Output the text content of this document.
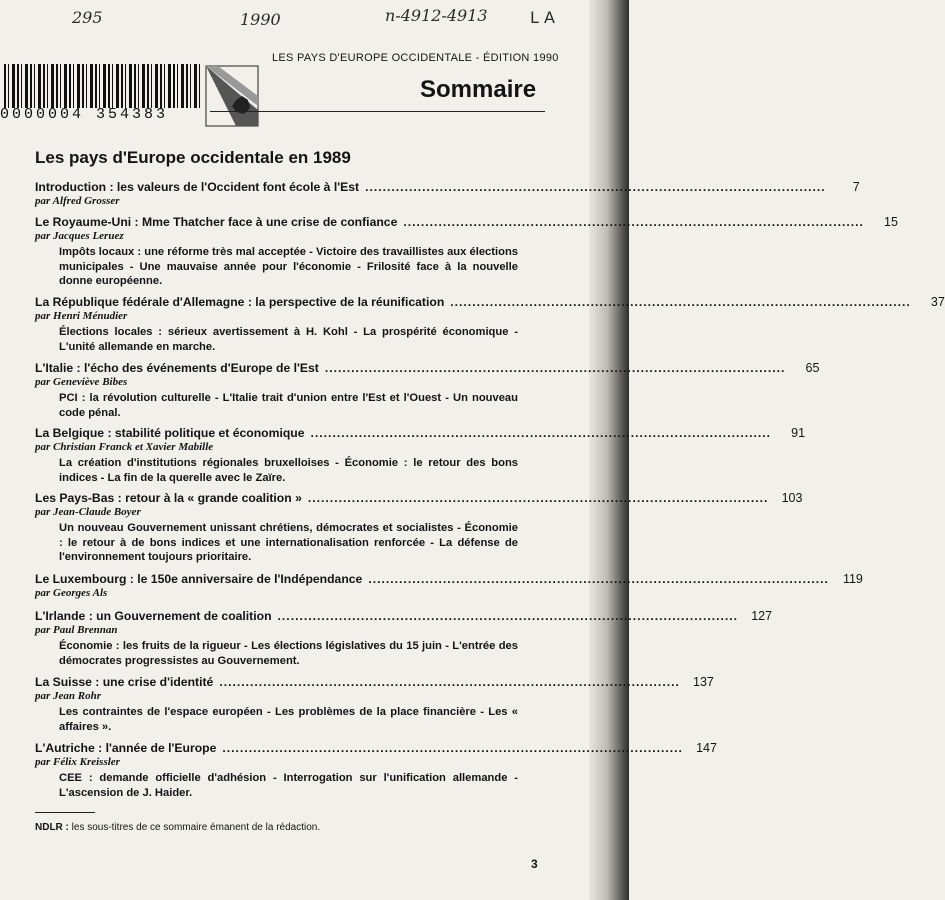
295	1990	n-4912-4913	L A
0000004 354383
LES PAYS D'EUROPE OCCIDENTALE - ÉDITION 1990
Sommaire
Les pays d'Europe occidentale en 1989
Introduction : les valeurs de l'Occident font école à l'Est .........................................................................................................	7
par Alfred Grosser
Le Royaume-Uni : Mme Thatcher face à une crise de confiance .........................................................................................................	15
par Jacques Leruez
Impôts locaux : une réforme très mal acceptée - Victoire des travaillistes aux élections municipales - Une mauvaise année pour l'économie - Frilosité face à la nouvelle donne européenne.
La République fédérale d'Allemagne : la perspective de la réunification .........................................................................................................	37
par Henri Ménudier
Élections locales : sérieux avertissement à H. Kohl - La prospérité économique - L'unité allemande en marche.
L'Italie : l'écho des événements d'Europe de l'Est .........................................................................................................	65
par Geneviève Bibes
PCI : la révolution culturelle - L'Italie trait d'union entre l'Est et l'Ouest - Un nouveau code pénal.
La Belgique : stabilité politique et économique .........................................................................................................	91
par Christian Franck et Xavier Mabille
La création d'institutions régionales bruxelloises - Économie : le retour des bons indices - La fin de la querelle avec le Zaïre.
Les Pays-Bas : retour à la « grande coalition » .........................................................................................................	103
par Jean-Claude Boyer
Un nouveau Gouvernement unissant chrétiens, démocrates et socialistes - Économie : le retour à de bons indices et une internationalisation renforcée - La défense de l'environnement toujours prioritaire.
Le Luxembourg : le 150e anniversaire de l'Indépendance .........................................................................................................	119
par Georges Als
L'Irlande : un Gouvernement de coalition .........................................................................................................	127
par Paul Brennan
Économie : les fruits de la rigueur - Les élections législatives du 15 juin - L'entrée des démocrates progressistes au Gouvernement.
La Suisse : une crise d'identité .........................................................................................................	137
par Jean Rohr
Les contraintes de l'espace européen - Les problèmes de la place financière - Les « affaires ».
L'Autriche : l'année de l'Europe .........................................................................................................	147
par Félix Kreissler
CEE : demande officielle d'adhésion - Interrogation sur l'unification allemande - L'ascension de J. Haider.
NDLR : les sous-titres de ce sommaire émanent de la rédaction.
3
